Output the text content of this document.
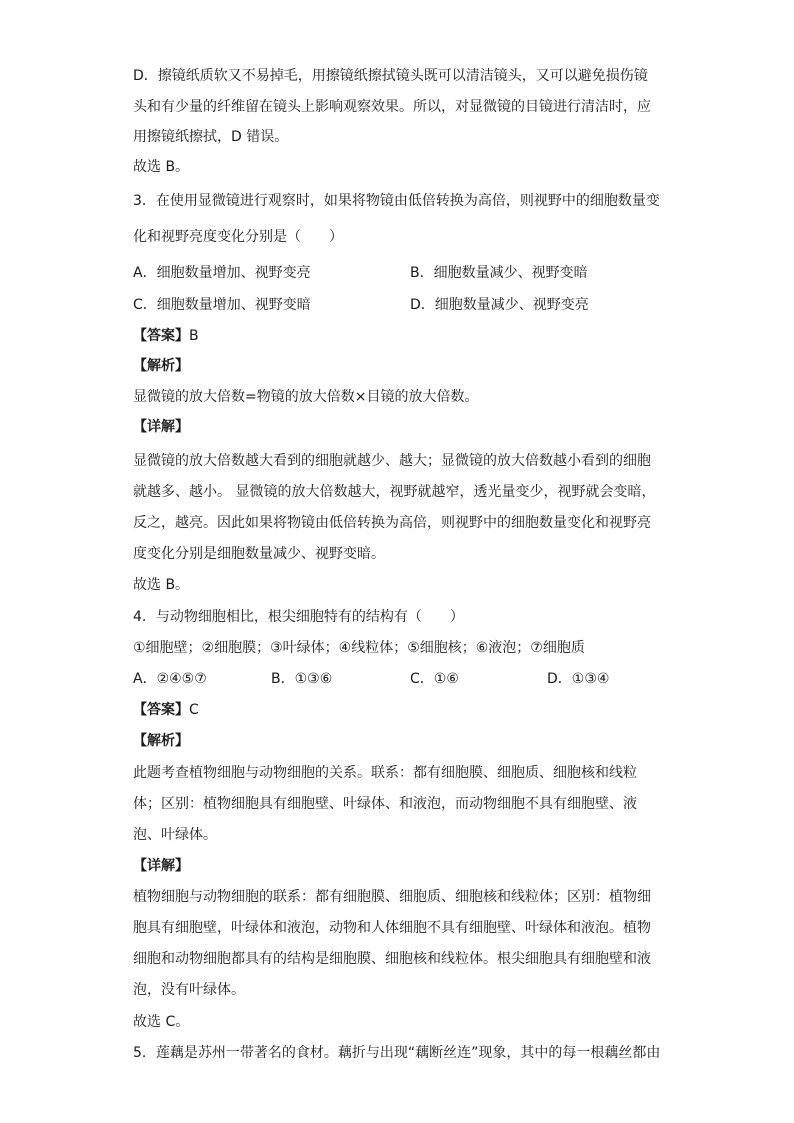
D．擦镜纸质软又不易掉毛，用擦镜纸擦拭镜头既可以清洁镜头，又可以避免损伤镜
头和有少量的纤维留在镜头上影响观察效果。所以，对显微镜的目镜进行清洁时，应
用擦镜纸擦拭，D 错误。
故选 B。
3．在使用显微镜进行观察时，如果将物镜由低倍转换为高倍，则视野中的细胞数量变
化和视野亮度变化分别是（　　）
A．细胞数量增加、视野变亮	B．细胞数量减少、视野变暗
C．细胞数量增加、视野变暗	D．细胞数量减少、视野变亮
【答案】B
【解析】
显微镜的放大倍数=物镜的放大倍数×目镜的放大倍数。
【详解】
显微镜的放大倍数越大看到的细胞就越少、越大；显微镜的放大倍数越小看到的细胞
就越多、越小。 显微镜的放大倍数越大，视野就越窄，透光量变少，视野就会变暗，
反之，越亮。因此如果将物镜由低倍转换为高倍，则视野中的细胞数量变化和视野亮
度变化分别是细胞数量减少、视野变暗。
故选 B。
4．与动物细胞相比，根尖细胞特有的结构有（　　）
①细胞壁；②细胞膜；③叶绿体；④线粒体；⑤细胞核；⑥液泡；⑦细胞质
A．②④⑤⑦	B．①③⑥	C．①⑥	D．①③④
【答案】C
【解析】
此题考查植物细胞与动物细胞的关系。联系：都有细胞膜、细胞质、细胞核和线粒
体；区别：植物细胞具有细胞壁、叶绿体、和液泡，而动物细胞不具有细胞壁、液
泡、叶绿体。
【详解】
植物细胞与动物细胞的联系：都有细胞膜、细胞质、细胞核和线粒体；区别：植物细
胞具有细胞壁，叶绿体和液泡，动物和人体细胞不具有细胞壁、叶绿体和液泡。植物
细胞和动物细胞都具有的结构是细胞膜、细胞核和线粒体。根尖细胞具有细胞壁和液
泡，没有叶绿体。
故选 C。
5．莲藕是苏州一带著名的食材。藕折与出现“藕断丝连”现象，其中的每一根藕丝都由
